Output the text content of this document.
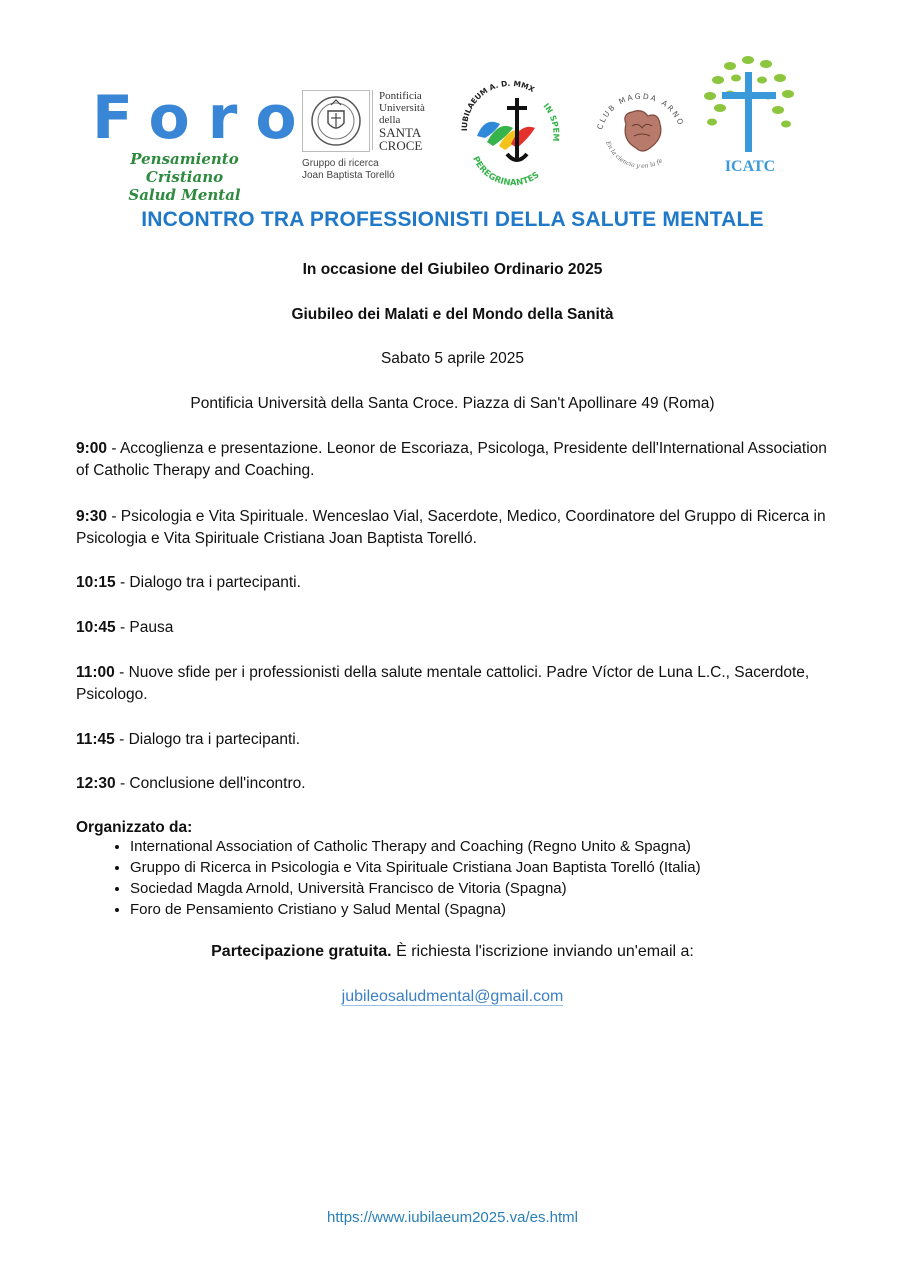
Foro
Pensamiento Cristiano
Salud Mental
Pontificia
Università
della
SANTA
CROCE
Gruppo di ricerca
Joan Baptista Torelló
IUBILAEUM A. D. MMX
IN SPEM
PEREGRINANTES
CLUB MAGDA ARNO
En la ciencia y en la fe	ICATC
INCONTRO TRA PROFESSIONISTI DELLA SALUTE MENTALE
In occasione del Giubileo Ordinario 2025
Giubileo dei Malati e del Mondo della Sanità
Sabato 5 aprile 2025
Pontificia Università della Santa Croce. Piazza di San't Apollinare 49 (Roma)
9:00 - Accoglienza e presentazione. Leonor de Escoriaza, Psicologa, Presidente dell'International Association of Catholic Therapy and Coaching.
9:30 - Psicologia e Vita Spirituale. Wenceslao Vial, Sacerdote, Medico, Coordinatore del Gruppo di Ricerca in Psicologia e Vita Spirituale Cristiana Joan Baptista Torelló.
10:15 - Dialogo tra i partecipanti.
10:45 - Pausa
11:00 - Nuove sfide per i professionisti della salute mentale cattolici. Padre Víctor de Luna L.C., Sacerdote, Psicologo.
11:45 - Dialogo tra i partecipanti.
12:30 - Conclusione dell'incontro.
Organizzato da:
• International Association of Catholic Therapy and Coaching (Regno Unito & Spagna)
• Gruppo di Ricerca in Psicologia e Vita Spirituale Cristiana Joan Baptista Torelló (Italia)
• Sociedad Magda Arnold, Università Francisco de Vitoria (Spagna)
• Foro de Pensamiento Cristiano y Salud Mental (Spagna)
Partecipazione gratuita. È richiesta l'iscrizione inviando un'email a:
jubileosaludmental@gmail.com
https://www.iubilaeum2025.va/es.html
